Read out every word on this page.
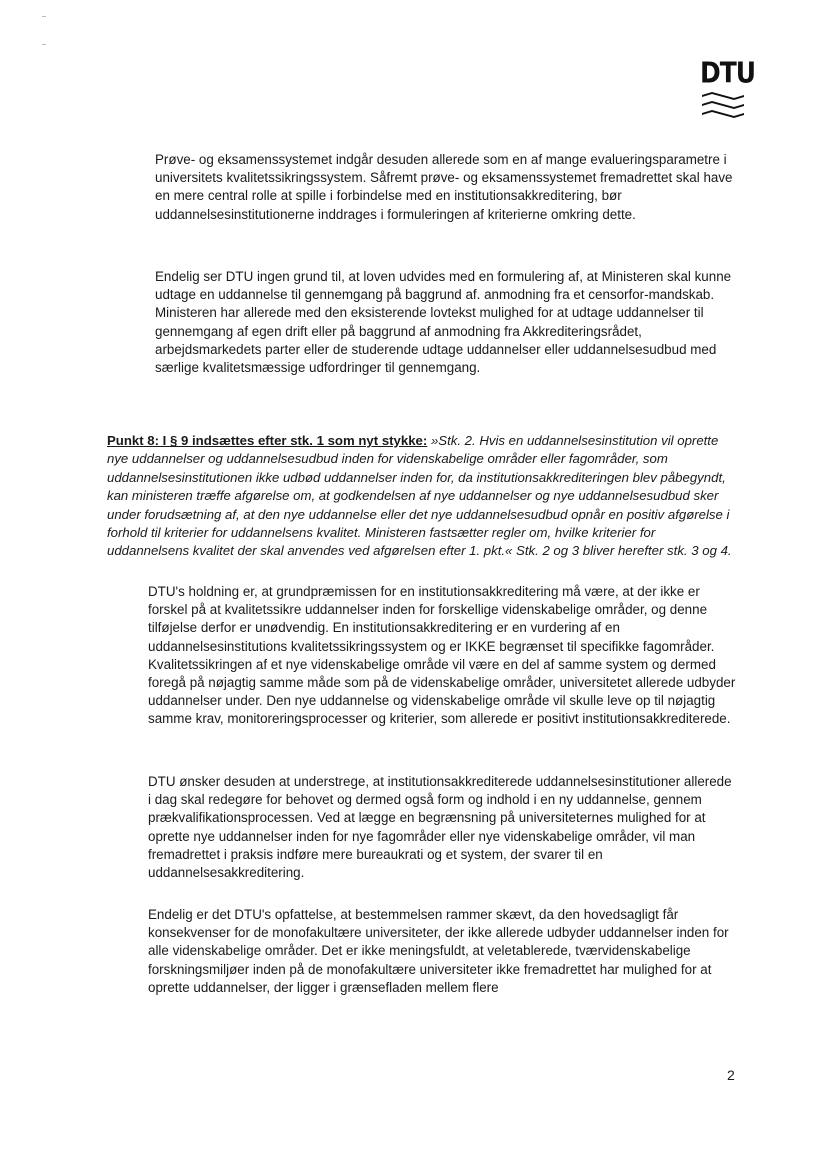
DTU

Prøve- og eksamenssystemet indgår desuden allerede som en af mange evalueringsparametre i universitets kvalitetssikringssystem. Såfremt prøve- og eksamenssystemet fremadrettet skal have en mere central rolle at spille i forbindelse med en institutionsakkreditering, bør uddannelsesinstitutionerne inddrages i formuleringen af kriterierne omkring dette.

Endelig ser DTU ingen grund til, at loven udvides med en formulering af, at Ministeren skal kunne udtage en uddannelse til gennemgang på baggrund af. anmodning fra et censorfor-mandskab. Ministeren har allerede med den eksisterende lovtekst mulighed for at udtage uddannelser til gennemgang af egen drift eller på baggrund af anmodning fra Akkrediteringsrådet, arbejdsmarkedets parter eller de studerende udtage uddannelser eller uddannelsesudbud med særlige kvalitetsmæssige udfordringer til gennemgang.

Punkt 8: I § 9 indsættes efter stk. 1 som nyt stykke: »Stk. 2. Hvis en uddannelsesinstitution vil oprette nye uddannelser og uddannelsesudbud inden for videnskabelige områder eller fagområder, som uddannelsesinstitutionen ikke udbød uddannelser inden for, da institutionsakkrediteringen blev påbegyndt, kan ministeren træffe afgørelse om, at godkendelsen af nye uddannelser og nye uddannelsesudbud sker under forudsætning af, at den nye uddannelse eller det nye uddannelsesudbud opnår en positiv afgørelse i forhold til kriterier for uddannelsens kvalitet. Ministeren fastsætter regler om, hvilke kriterier for uddannelsens kvalitet der skal anvendes ved afgørelsen efter 1. pkt.« Stk. 2 og 3 bliver herefter stk. 3 og 4.

DTU's holdning er, at grundpræmissen for en institutionsakkreditering må være, at der ikke er forskel på at kvalitetssikre uddannelser inden for forskellige videnskabelige områder, og denne tilføjelse derfor er unødvendig. En institutionsakkreditering er en vurdering af en uddannelsesinstitutions kvalitetssikringssystem og er IKKE begrænset til specifikke fagområder. Kvalitetssikringen af et nye videnskabelige område vil være en del af samme system og dermed foregå på nøjagtig samme måde som på de videnskabelige områder, universitetet allerede udbyder uddannelser under. Den nye uddannelse og videnskabelige område vil skulle leve op til nøjagtig samme krav, monitoreringsprocesser og kriterier, som allerede er positivt institutionsakkrediterede.

DTU ønsker desuden at understrege, at institutionsakkrediterede uddannelsesinstitutioner allerede i dag skal redegøre for behovet og dermed også form og indhold i en ny uddannelse, gennem prækvalifikationsprocessen. Ved at lægge en begrænsning på universiteternes mulighed for at oprette nye uddannelser inden for nye fagområder eller nye videnskabelige områder, vil man fremadrettet i praksis indføre mere bureaukrati og et system, der svarer til en uddannelsesakkreditering.

Endelig er det DTU's opfattelse, at bestemmelsen rammer skævt, da den hovedsagligt får konsekvenser for de monofakultære universiteter, der ikke allerede udbyder uddannelser inden for alle videnskabelige områder. Det er ikke meningsfuldt, at veletablerede, tværvidenskabelige forskningsmiljøer inden på de monofakultære universiteter ikke fremadrettet har mulighed for at oprette uddannelser, der ligger i grænsefladen mellem flere

2
